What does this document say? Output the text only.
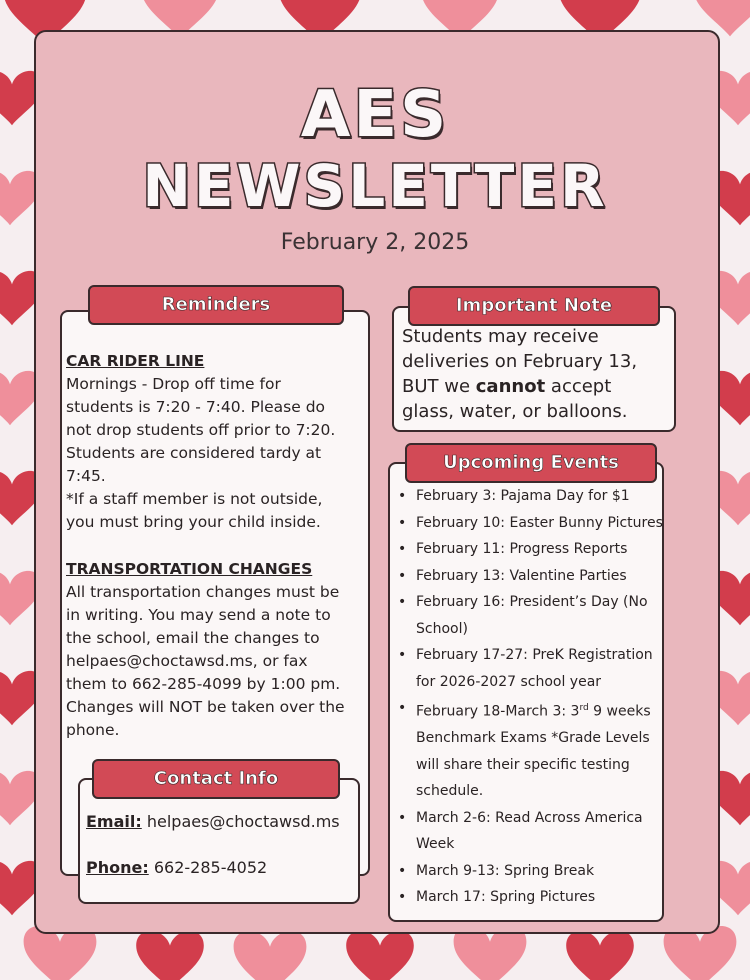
AES
NEWSLETTER
February 2, 2025
Reminders
CAR RIDER LINE
Mornings - Drop off time for
students is 7:20 - 7:40. Please do
not drop students off prior to 7:20.
Students are considered tardy at
7:45.
*If a staff member is not outside,
you must bring your child inside.
TRANSPORTATION CHANGES
All transportation changes must be
in writing. You may send a note to
the school, email the changes to
helpaes@choctawsd.ms, or fax
them to 662-285-4099 by 1:00 pm.
Changes will NOT be taken over the
phone.
Contact Info
Email: helpaes@choctawsd.ms
Phone: 662-285-4052
Important Note
Students may receive
deliveries on February 13,
BUT we cannot accept
glass, water, or balloons.
Upcoming Events
• February 3: Pajama Day for $1
• February 10: Easter Bunny Pictures
• February 11: Progress Reports
• February 13: Valentine Parties
• February 16: President’s Day (No School)
• February 17-27: PreK Registration for 2026-2027 school year
• February 18-March 3: 3rd 9 weeks Benchmark Exams *Grade Levels will share their specific testing schedule.
• March 2-6: Read Across America Week
• March 9-13: Spring Break
• March 17: Spring Pictures
